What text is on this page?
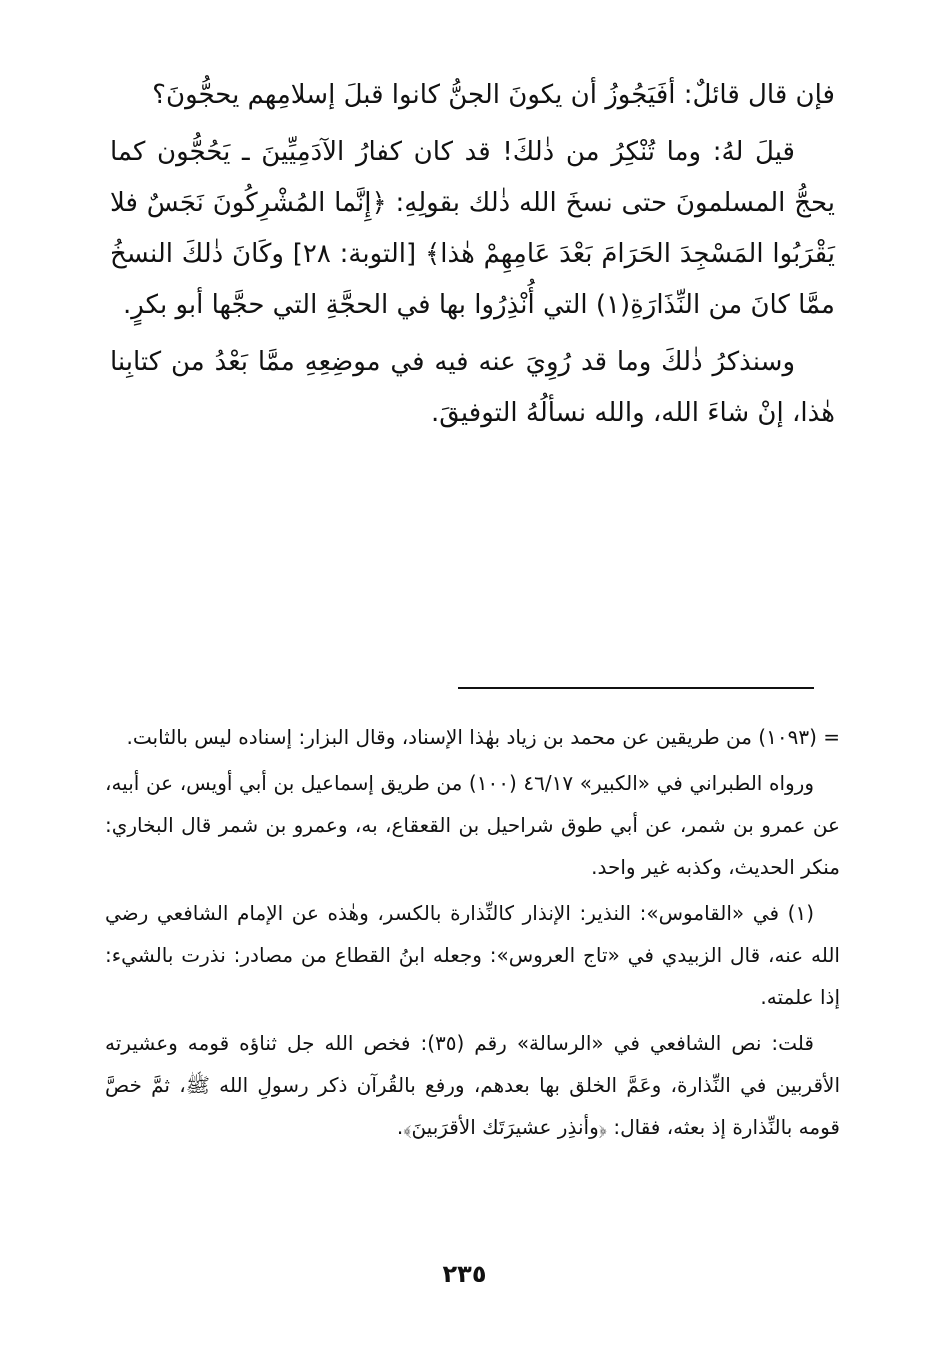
فإن قال قائلٌ: أفَيَجُوزُ أن يكونَ الجنُّ كانوا قبلَ إسلامِهم يحجُّونَ؟

قيلَ لهُ: وما تُنْكِرُ من ذٰلكَ! قد كان كفارُ الآدَمِيِّينَ ـ يَحُجُّون كما يحجُّ المسلمونَ حتى نسخَ الله ذٰلك بقولِهِ: ﴿إِنَّما المُشْرِكُونَ نَجَسٌ فلا يَقْرَبُوا المَسْجِدَ الحَرَامَ بَعْدَ عَامِهِمْ هٰذا﴾ [التوبة: ٢٨] وكَانَ ذٰلكَ النسخُ ممَّا كانَ من النِّذَارَةِ(١) التي أُنْذِرُوا بها في الحجَّةِ التي حجَّها أبو بكرٍ.

وسنذكرُ ذٰلكَ وما قد رُوِيَ عنه فيه في موضِعِهِ ممَّا بَعْدُ من كتابِنا هٰذا، إنْ شاءَ الله، والله نسألُهُ التوفيقَ.

= (١٠٩٣) من طريقين عن محمد بن زياد بهٰذا الإسناد، وقال البزار: إسناده ليس بالثابت.

ورواه الطبراني في «الكبير» ٤٦/١٧ (١٠٠) من طريق إسماعيل بن أبي أويس، عن أبيه، عن عمرو بن شمر، عن أبي طوق شراحيل بن القعقاع، به، وعمرو بن شمر قال البخاري: منكر الحديث، وكذبه غير واحد.

(١) في «القاموس»: النذير: الإنذار كالنِّذارة بالكسر، وهٰذه عن الإمام الشافعي رضي الله عنه، قال الزبيدي في «تاج العروس»: وجعله ابنُ القطاع من مصادر: نذرت بالشيء: إذا علمته.

قلت: نص الشافعي في «الرسالة» رقم (٣٥): فخص الله جل ثناؤه قومه وعشيرته الأقربين في النِّذارة، وعَمَّ الخلق بها بعدهم، ورفع بالقُرآن ذكر رسولِ الله ﷺ، ثمَّ خصَّ قومه بالنِّذارة إذ بعثه، فقال: ﴿وأنذِر عشيرَتَك الأقرَبينَ﴾.

٢٣٥
